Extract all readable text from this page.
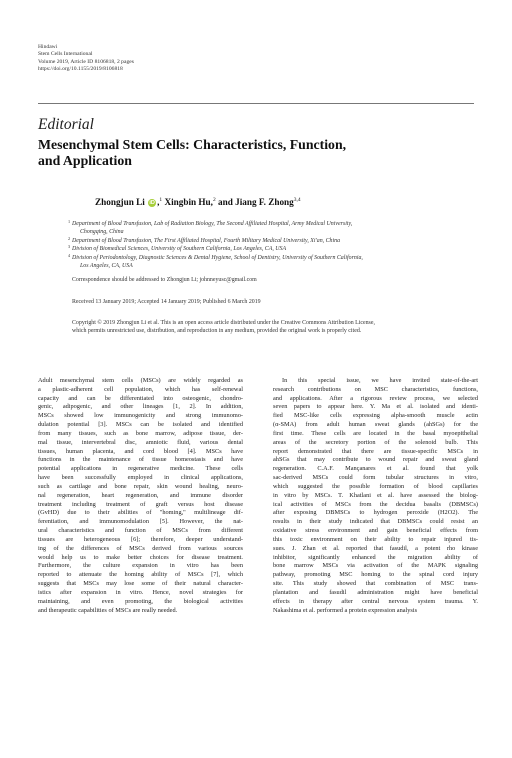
Hindawi
Stem Cells International
Volume 2019, Article ID 8106818, 2 pages
https://doi.org/10.1155/2019/8106818
Editorial
Mesenchymal Stem Cells: Characteristics, Function,
and Application
Zhongjun Li iD ,$^1$ Xingbin Hu,$^2$ and Jiang F. Zhong$^{3,4}$
1 Department of Blood Transfusion, Lab of Radiation Biology, The Second Affiliated Hospital, Army Medical University,
Chongqing, China
2 Department of Blood Transfusion, The First Affiliated Hospital, Fourth Military Medical University, Xi'an, China
3 Division of Biomedical Sciences, University of Southern California, Los Angeles, CA, USA
4 Division of Periodontology, Diagnostic Sciences & Dental Hygiene, School of Dentistry, University of Southern California,
Los Angeles, CA, USA
Correspondence should be addressed to Zhongjun Li; johnneyusc@gmail.com
Received 13 January 2019; Accepted 14 January 2019; Published 6 March 2019
Copyright © 2019 Zhongjun Li et al. This is an open access article distributed under the Creative Commons Attribution License,
which permits unrestricted use, distribution, and reproduction in any medium, provided the original work is properly cited.
Adult mesenchymal stem cells (MSCs) are widely regarded as
a plastic-adherent cell population, which has self-renewal
capacity and can be differentiated into osteogenic, chondro-
genic, adipogenic, and other lineages [1, 2]. In addition,
MSCs showed low immunogenicity and strong immunomo-
dulation potential [3]. MSCs can be isolated and identified
from many tissues, such as bone marrow, adipose tissue, der-
mal tissue, intervertebral disc, amniotic fluid, various dental
tissues, human placenta, and cord blood [4]. MSCs have
functions in the maintenance of tissue homeostasis and have
potential applications in regenerative medicine. These cells
have been successfully employed in clinical applications,
such as cartilage and bone repair, skin wound healing, neuro-
nal regeneration, heart regeneration, and immune disorder
treatment including treatment of graft versus host disease
(GvHD) due to their abilities of "homing," multilineage dif-
ferentiation, and immunomodulation [5]. However, the nat-
ural characteristics and function of MSCs from different
tissues are heterogeneous [6]; therefore, deeper understand-
ing of the differences of MSCs derived from various sources
would help us to make better choices for disease treatment.
Furthermore, the culture expansion in vitro has been
reported to attenuate the homing ability of MSCs [7], which
suggests that MSCs may lose some of their natural character-
istics after expansion in vitro. Hence, novel strategies for
maintaining, and even promoting, the biological activities
and therapeutic capabilities of MSCs are really needed.
In this special issue, we have invited state-of-the-art
research contributions on MSC characteristics, functions,
and applications. After a rigorous review process, we selected
seven papers to appear here. Y. Ma et al. isolated and identi-
fied MSC-like cells expressing alpha-smooth muscle actin
(α-SMA) from adult human sweat glands (ahSGs) for the
first time. These cells are located in the basal myoepithelial
areas of the secretory portion of the solenoid bulb. This
report demonstrated that there are tissue-specific MSCs in
ahSGs that may contribute to wound repair and sweat gland
regeneration. C.A.F. Mançanares et al. found that yolk
sac-derived MSCs could form tubular structures in vitro,
which suggested the possible formation of blood capillaries
in vitro by MSCs. T. Khatlani et al. have assessed the biolog-
ical activities of MSCs from the decidua basalis (DBMSCs)
after exposing DBMSCs to hydrogen peroxide (H2O2). The
results in their study indicated that DBMSCs could resist an
oxidative stress environment and gain beneficial effects from
this toxic environment on their ability to repair injured tis-
sues. J. Zhan et al. reported that fasudil, a potent rho kinase
inhibitor, significantly enhanced the migration ability of
bone marrow MSCs via activation of the MAPK signaling
pathway, promoting MSC homing to the spinal cord injury
site. This study showed that combination of MSC trans-
plantation and fasudil administration might have beneficial
effects in therapy after central nervous system trauma. Y.
Nakashima et al. performed a protein expression analysis
